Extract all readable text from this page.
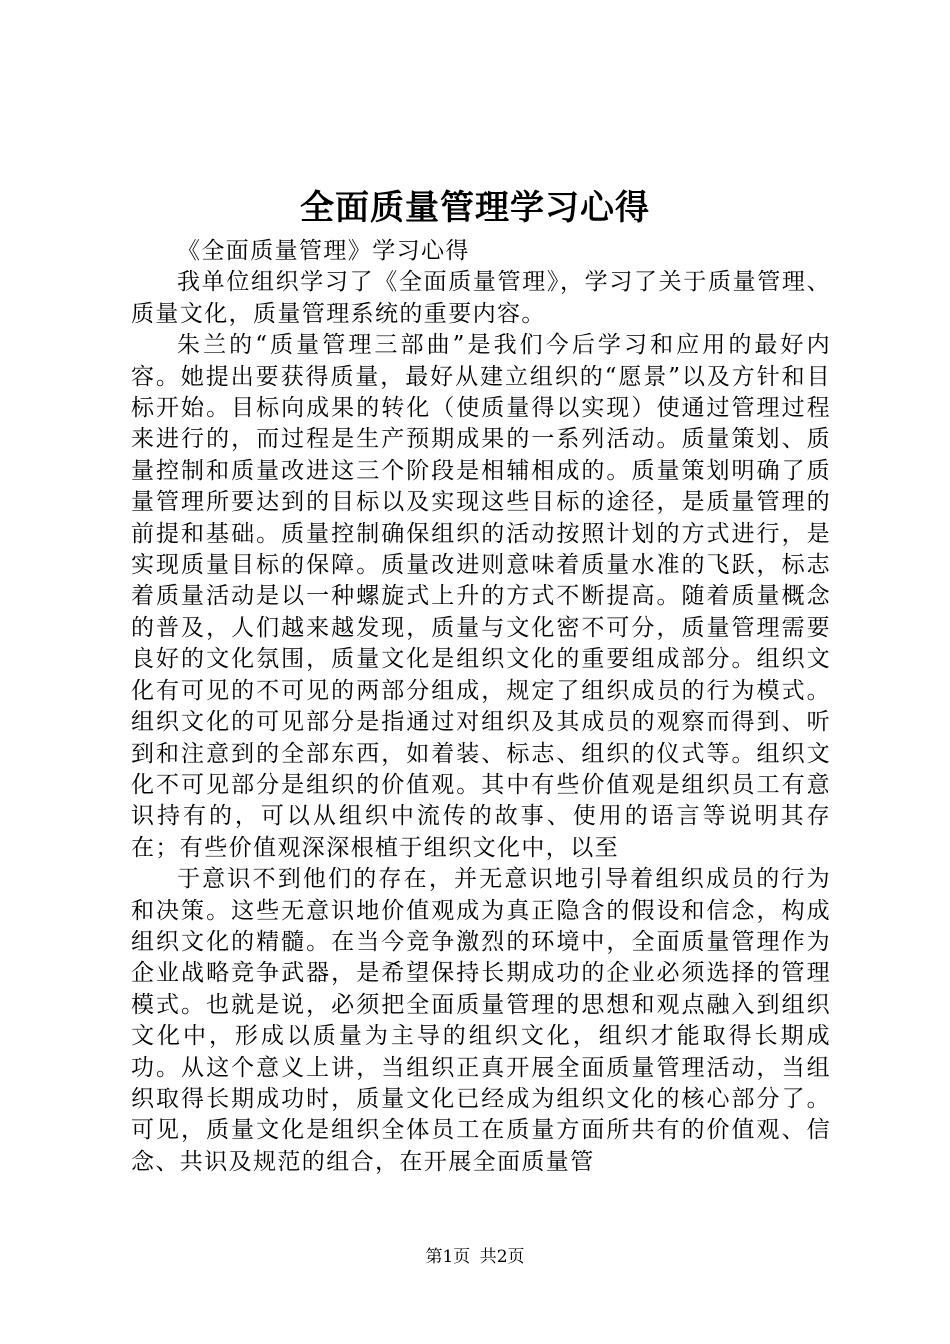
全面质量管理学习心得

《全面质量管理》学习心得

我单位组织学习了《全面质量管理》，学习了关于质量管理、质量文化，质量管理系统的重要内容。

朱兰的“质量管理三部曲”是我们今后学习和应用的最好内容。她提出要获得质量，最好从建立组织的“愿景”以及方针和目标开始。目标向成果的转化（使质量得以实现）使通过管理过程来进行的，而过程是生产预期成果的一系列活动。质量策划、质量控制和质量改进这三个阶段是相辅相成的。质量策划明确了质量管理所要达到的目标以及实现这些目标的途径，是质量管理的前提和基础。质量控制确保组织的活动按照计划的方式进行，是实现质量目标的保障。质量改进则意味着质量水准的飞跃，标志着质量活动是以一种螺旋式上升的方式不断提高。随着质量概念的普及，人们越来越发现，质量与文化密不可分，质量管理需要良好的文化氛围，质量文化是组织文化的重要组成部分。组织文化有可见的不可见的两部分组成，规定了组织成员的行为模式。组织文化的可见部分是指通过对组织及其成员的观察而得到、听到和注意到的全部东西，如着装、标志、组织的仪式等。组织文化不可见部分是组织的价值观。其中有些价值观是组织员工有意识持有的，可以从组织中流传的故事、使用的语言等说明其存在；有些价值观深深根植于组织文化中，以至

于意识不到他们的存在，并无意识地引导着组织成员的行为和决策。这些无意识地价值观成为真正隐含的假设和信念，构成组织文化的精髓。在当今竞争激烈的环境中，全面质量管理作为企业战略竞争武器，是希望保持长期成功的企业必须选择的管理模式。也就是说，必须把全面质量管理的思想和观点融入到组织文化中，形成以质量为主导的组织文化，组织才能取得长期成功。从这个意义上讲，当组织正真开展全面质量管理活动，当组织取得长期成功时，质量文化已经成为组织文化的核心部分了。可见，质量文化是组织全体员工在质量方面所共有的价值观、信念、共识及规范的组合，在开展全面质量管

第1页 共2页
